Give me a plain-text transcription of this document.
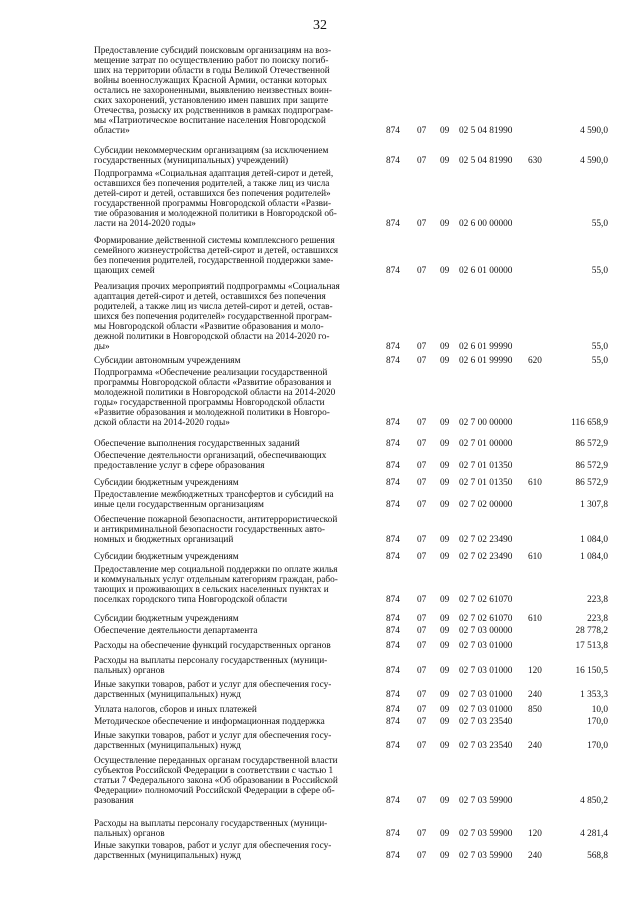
32
Предоставление субсидий поисковым организациям на воз-
мещение затрат по осуществлению работ по поиску погиб-
ших на территории области в годы Великой Отечественной
войны военнослужащих Красной Армии, останки которых
остались не захороненными, выявлению неизвестных воин-
ских захоронений, установлению имен павших при защите
Отечества, розыску их родственников в рамках подпрограм-
мы «Патриотическое воспитание населения Новгородской
области»	874 07 09 02 5 04 81990	4 590,0
Субсидии некоммерческим организациям (за исключением
государственных (муниципальных) учреждений)	874 07 09 02 5 04 81990 630	4 590,0
Подпрограмма «Социальная адаптация детей-сирот и детей,
оставшихся без попечения родителей, а также лиц из числа
детей-сирот и детей, оставшихся без попечения родителей»
государственной программы Новгородской области «Разви-
тие образования и молодежной политики в Новгородской об-
ласти на 2014-2020 годы»	874 07 09 02 6 00 00000	55,0
Формирование действенной системы комплексного решения
семейного жизнеустройства детей-сирот и детей, оставшихся
без попечения родителей, государственной поддержки замe-
щающих семей	874 07 09 02 6 01 00000	55,0
Реализация прочих мероприятий подпрограммы «Социальная
адаптация детей-сирот и детей, оставшихся без попечения
родителей, а также лиц из числа детей-сирот и детей, остав-
шихся без попечения родителей» государственной програм-
мы Новгородской области «Развитие образования и моло-
дежной политики в Новгородской области на 2014-2020 го-
ды»	874 07 09 02 6 01 99990	55,0
Субсидии автономным учреждениям	874 07 09 02 6 01 99990 620	55,0
Подпрограмма «Обеспечение реализации государственной
программы Новгородской области «Развитие образования и
молодежной политики в Новгородской области на 2014-2020
годы» государственной программы Новгородской области
«Развитие образования и молодежной политики в Новгоро-
дской области на 2014-2020 годы»	874 07 09 02 7 00 00000	116 658,9
Обеспечение выполнения государственных заданий	874 07 09 02 7 01 00000	86 572,9
Обеспечение деятельности организаций, обеспечивающих
предоставление услуг в сфере образования	874 07 09 02 7 01 01350	86 572,9
Субсидии бюджетным учреждениям	874 07 09 02 7 01 01350 610	86 572,9
Предоставление межбюджетных трансфертов и субсидий на
иные цели государственным организациям	874 07 09 02 7 02 00000	1 307,8
Обеспечение пожарной безопасности, антитеррористической
и антикриминальной безопасности государственных авто-
номных и бюджетных организаций	874 07 09 02 7 02 23490	1 084,0
Субсидии бюджетным учреждениям	874 07 09 02 7 02 23490 610	1 084,0
Предоставление мер социальной поддержки по оплате жилья
и коммунальных услуг отдельным категориям граждан, рабо-
тающих и проживающих в сельских населенных пунктах и
поселках городского типа Новгородской области	874 07 09 02 7 02 61070	223,8
Субсидии бюджетным учреждениям	874 07 09 02 7 02 61070 610	223,8
Обеспечение деятельности департамента	874 07 09 02 7 03 00000	28 778,2
Расходы на обеспечение функций государственных органов	874 07 09 02 7 03 01000	17 513,8
Расходы на выплаты персоналу государственных (муници-
пальных) органов	874 07 09 02 7 03 01000 120	16 150,5
Иные закупки товаров, работ и услуг для обеспечения госу-
дарственных (муниципальных) нужд	874 07 09 02 7 03 01000 240	1 353,3
Уплата налогов, сборов и иных платежей	874 07 09 02 7 03 01000 850	10,0
Методическое обеспечение и информационная поддержка	874 07 09 02 7 03 23540	170,0
Иные закупки товаров, работ и услуг для обеспечения госу-
дарственных (муниципальных) нужд	874 07 09 02 7 03 23540 240	170,0
Осуществление переданных органам государственной власти
субъектов Российской Федерации в соответствии с частью 1
статьи 7 Федерального закона «Об образовании в Российской
Федерации» полномочий Российской Федерации в сфере об-
разования	874 07 09 02 7 03 59900	4 850,2
Расходы на выплаты персоналу государственных (муници-
пальных) органов	874 07 09 02 7 03 59900 120	4 281,4
Иные закупки товаров, работ и услуг для обеспечения госу-
дарственных (муниципальных) нужд	874 07 09 02 7 03 59900 240	568,8
